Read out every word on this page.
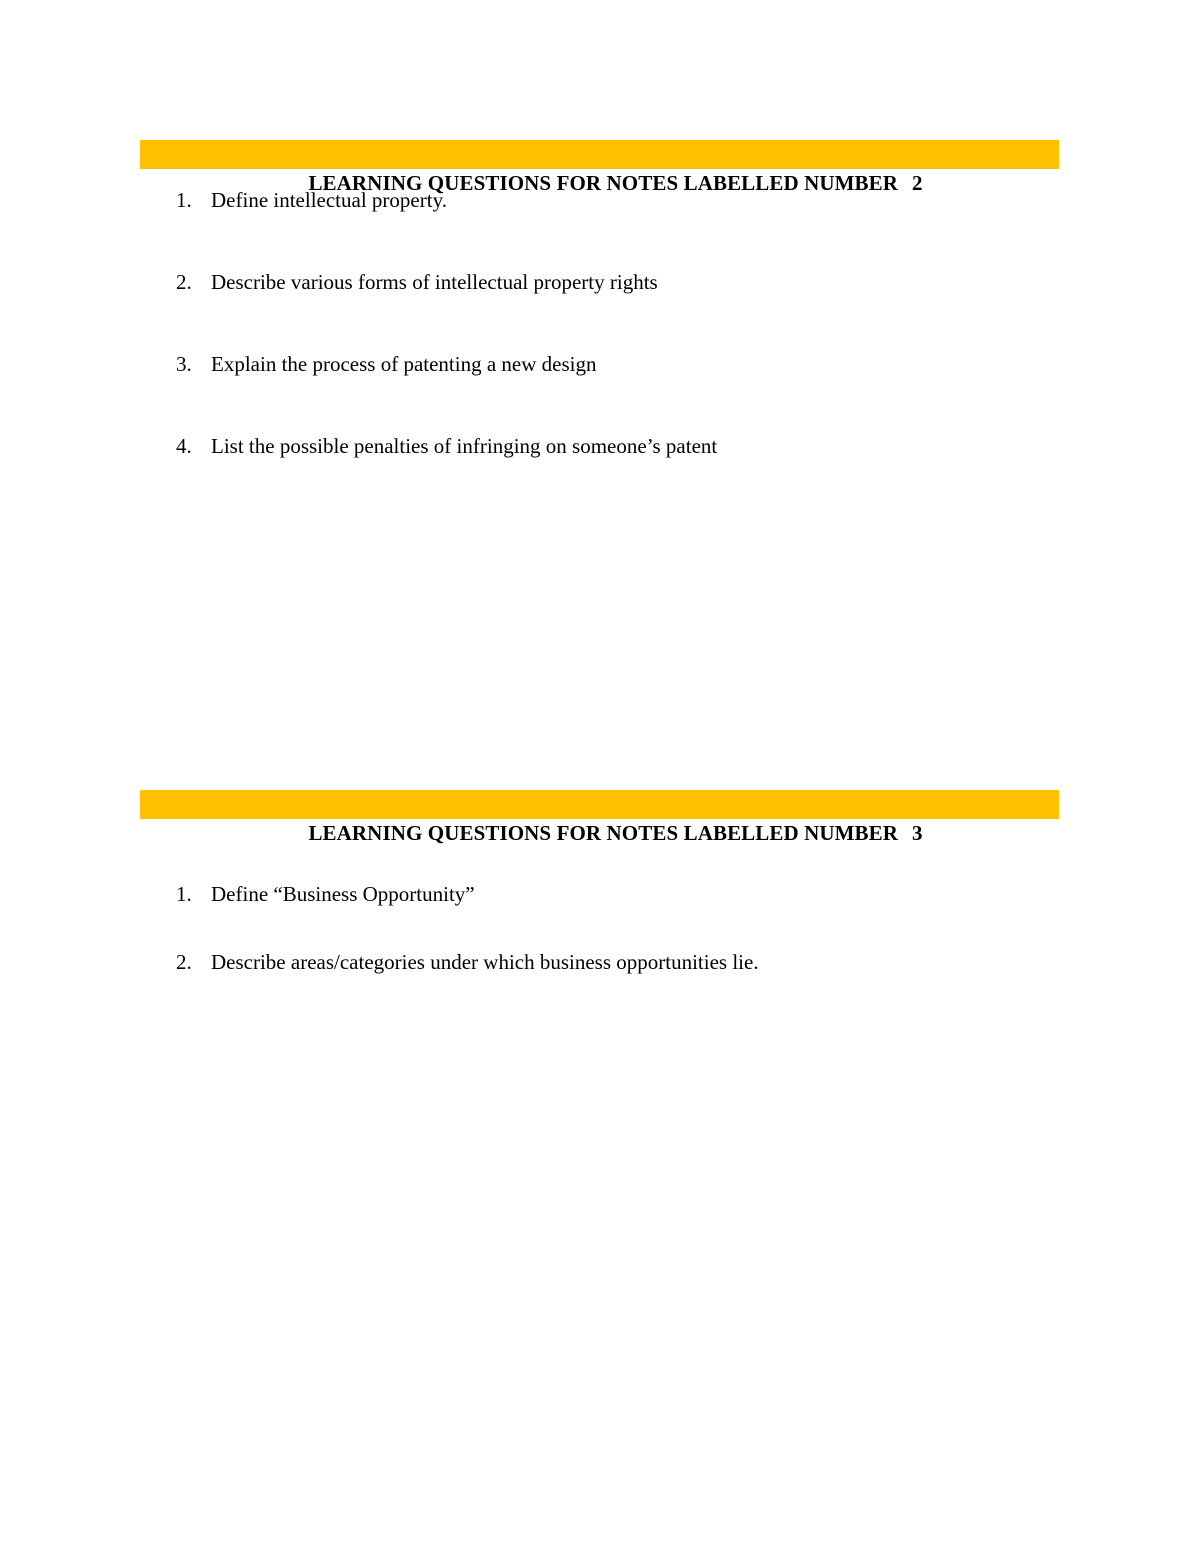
LEARNING QUESTIONS FOR NOTES LABELLED NUMBER 2

1. Define intellectual property.
2. Describe various forms of intellectual property rights
3. Explain the process of patenting a new design
4. List the possible penalties of infringing on someone’s patent

LEARNING QUESTIONS FOR NOTES LABELLED NUMBER 3

1. Define “Business Opportunity”
2. Describe areas/categories under which business opportunities lie.
